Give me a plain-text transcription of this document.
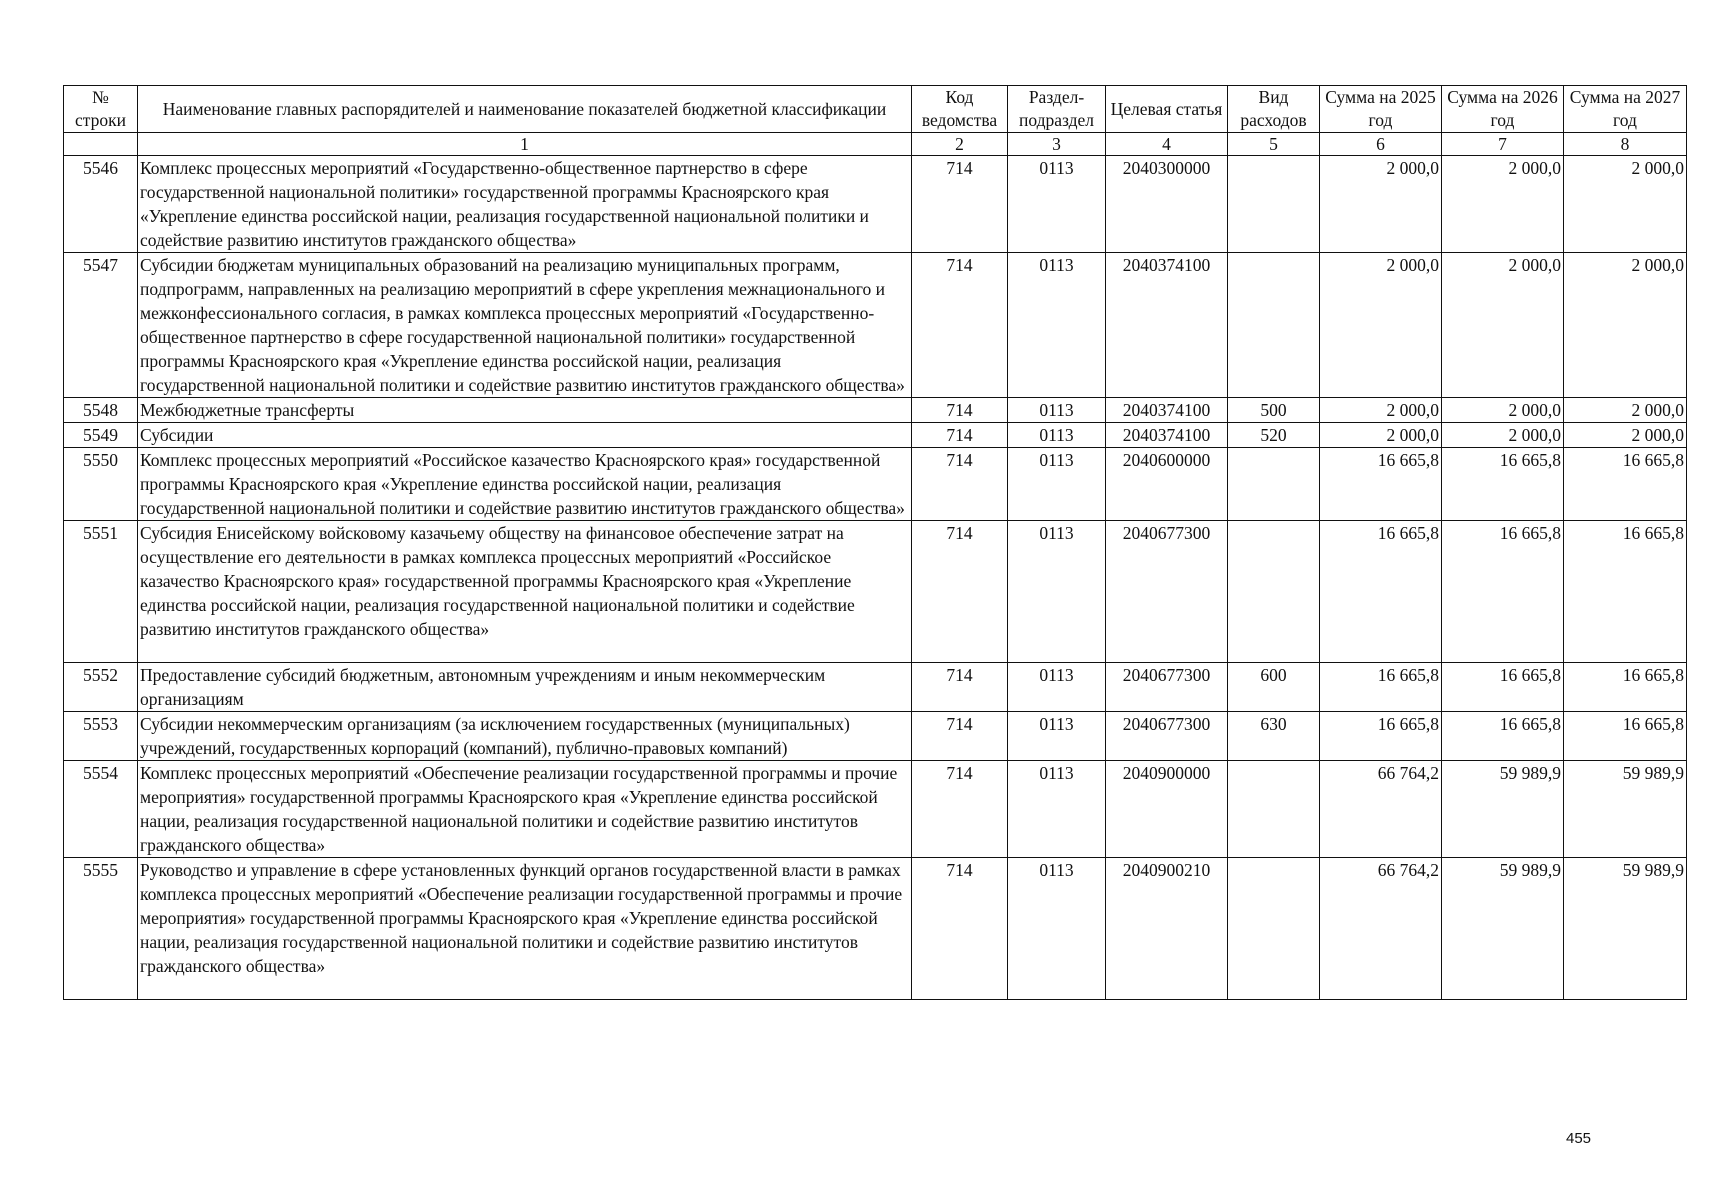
№ строки	Наименование главных распорядителей и наименование показателей бюджетной классификации	Код ведомства	Раздел-подраздел	Целевая статья	Вид расходов	Сумма на 2025 год	Сумма на 2026 год	Сумма на 2027 год
	1	2	3	4	5	6	7	8
5546	Комплекс процессных мероприятий «Государственно-общественное партнерство в сфере государственной национальной политики» государственной программы Красноярского края «Укрепление единства российской нации, реализация государственной национальной политики и содействие развитию институтов гражданского общества»	714	0113	2040300000		2 000,0	2 000,0	2 000,0
5547	Субсидии бюджетам муниципальных образований на реализацию муниципальных программ, подпрограмм, направленных на реализацию мероприятий в сфере укрепления межнационального и межконфессионального согласия, в рамках комплекса процессных мероприятий «Государственно-общественное партнерство в сфере государственной национальной политики» государственной программы Красноярского края «Укрепление единства российской нации, реализация государственной национальной политики и содействие развитию институтов гражданского общества»	714	0113	2040374100		2 000,0	2 000,0	2 000,0
5548	Межбюджетные трансферты	714	0113	2040374100	500	2 000,0	2 000,0	2 000,0
5549	Субсидии	714	0113	2040374100	520	2 000,0	2 000,0	2 000,0
5550	Комплекс процессных мероприятий «Российское казачество Красноярского края» государственной программы Красноярского края «Укрепление единства российской нации, реализация государственной национальной политики и содействие развитию институтов гражданского общества»	714	0113	2040600000		16 665,8	16 665,8	16 665,8
5551	Субсидия Енисейскому войсковому казачьему обществу на финансовое обеспечение затрат на осуществление его деятельности в рамках комплекса процессных мероприятий «Российское казачество Красноярского края» государственной программы Красноярского края «Укрепление единства российской нации, реализация государственной национальной политики и содействие развитию институтов гражданского общества»	714	0113	2040677300		16 665,8	16 665,8	16 665,8
5552	Предоставление субсидий бюджетным, автономным учреждениям и иным некоммерческим организациям	714	0113	2040677300	600	16 665,8	16 665,8	16 665,8
5553	Субсидии некоммерческим организациям (за исключением государственных (муниципальных) учреждений, государственных корпораций (компаний), публично-правовых компаний)	714	0113	2040677300	630	16 665,8	16 665,8	16 665,8
5554	Комплекс процессных мероприятий «Обеспечение реализации государственной программы и прочие мероприятия» государственной программы Красноярского края «Укрепление единства российской нации, реализация государственной национальной политики и содействие развитию институтов гражданского общества»	714	0113	2040900000		66 764,2	59 989,9	59 989,9
5555	Руководство и управление в сфере установленных функций органов государственной власти в рамках комплекса процессных мероприятий «Обеспечение реализации государственной программы и прочие мероприятия» государственной программы Красноярского края «Укрепление единства российской нации, реализация государственной национальной политики и содействие развитию институтов гражданского общества»	714	0113	2040900210		66 764,2	59 989,9	59 989,9
455
